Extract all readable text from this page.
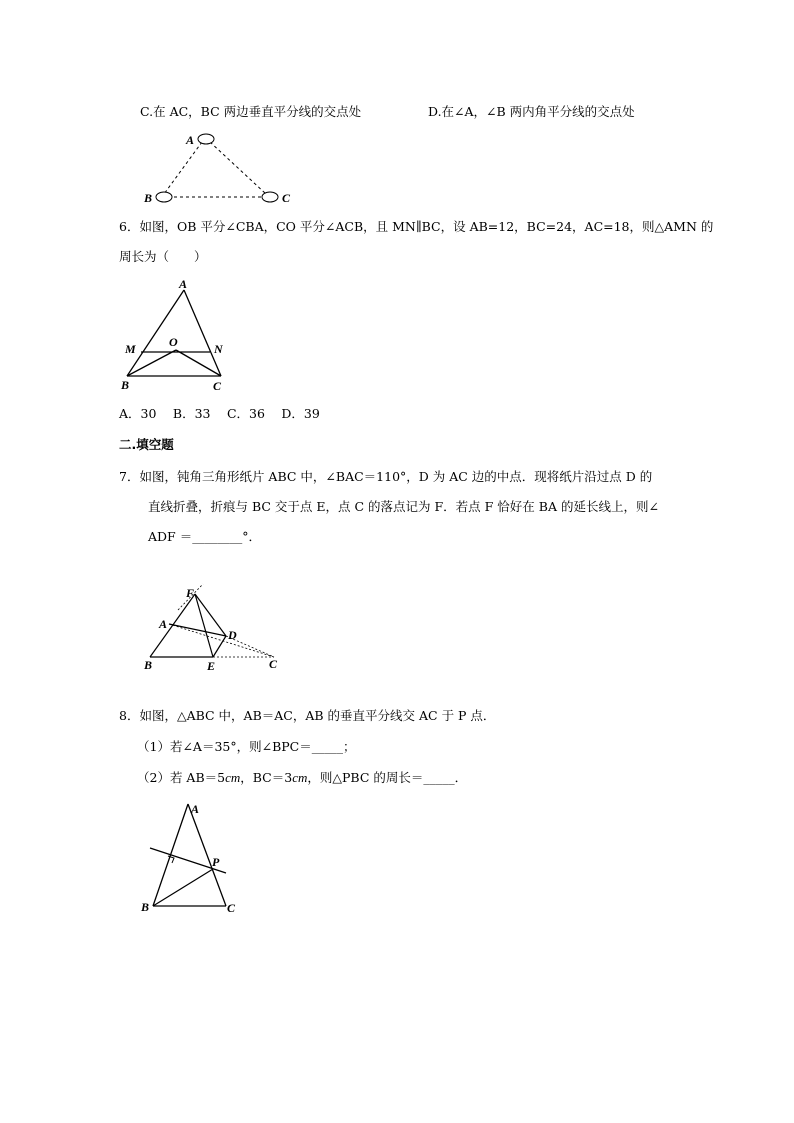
C.在 AC，BC 两边垂直平分线的交点处	D.在∠A，∠B 两内角平分线的交点处
A
B	C
6．如图，OB 平分∠CBA，CO 平分∠ACB，且 MN∥BC，设 AB=12，BC=24，AC=18，则△AMN 的
周长为（　　）
A
M	O	N
B	C
A．30　 B．33　 C．36　 D．39
二.填空题
7．如图，钝角三角形纸片 ABC 中，∠BAC＝110°，D 为 AC 边的中点．现将纸片沿过点 D 的
直线折叠，折痕与 BC 交于点 E，点 C 的落点记为 F．若点 F 恰好在 BA 的延长线上，则∠
ADF ＝________°．
F
A
D
B	E	C
8．如图，△ABC 中，AB＝AC，AB 的垂直平分线交 AC 于 P 点．
（1）若∠A＝35°，则∠BPC＝_____；
（2）若 AB＝5cm，BC＝3cm，则△PBC 的周长＝_____．
A
P
B	C
